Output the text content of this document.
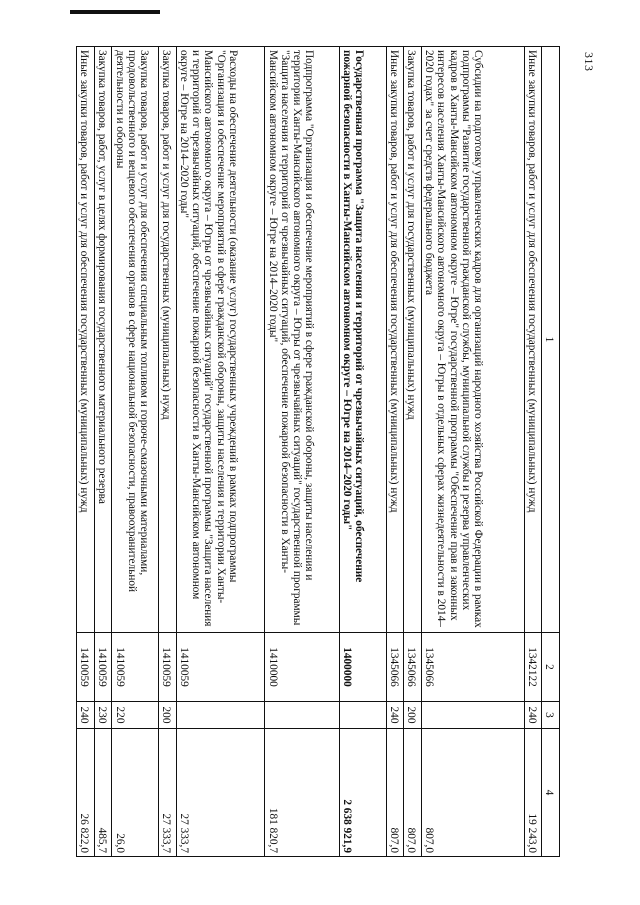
313
1	2	3	4
Иные закупки товаров, работ и услуг для обеспечения государственных (муниципальных) нужд	1342122	240	19 243,0
Субсидии на подготовку управленческих кадров для организаций народного хозяйства Российской Федерации в рамках подпрограммы "Развитие государственной гражданской службы, муниципальной службы и резерва управленческих кадров в Ханты-Мансийском автономном округе – Югре" государственной программы "Обеспечение прав и законных интересов населения Ханты-Мансийского автономного округа – Югры в отдельных сферах жизнедеятельности в 2014–2020 годах" за счет средств федерального бюджета	1345066		807,0
Закупка товаров, работ и услуг для государственных (муниципальных) нужд	1345066	200	807,0
Иные закупки товаров, работ и услуг для обеспечения государственных (муниципальных) нужд	1345066	240	807,0
Государственная программа "Защита населения и территорий от чрезвычайных ситуаций, обеспечение пожарной безопасности в Ханты-Мансийском автономном округе – Югре на 2014–2020 годы"	1400000		2 638 921,9
Подпрограмма "Организация и обеспечение мероприятий в сфере гражданской обороны, защиты населения и территории Ханты-Мансийского автономного округа – Югры от чрезвычайных ситуаций" государственной программы "Защита населения и территорий от чрезвычайных ситуаций, обеспечение пожарной безопасности в Ханты-Мансийском автономном округе – Югре на 2014–2020 годы"	1410000		181 820,7
Расходы на обеспечение деятельности (оказание услуг) государственных учреждений в рамках подпрограммы "Организация и обеспечение мероприятий в сфере гражданской обороны, защиты населения и территории Ханты-Мансийского автономного округа – Югры от чрезвычайных ситуаций" государственной программы "Защита населения и территорий от чрезвычайных ситуаций, обеспечение пожарной безопасности в Ханты-Мансийском автономном округе – Югре на 2014–2020 годы"	1410059		27 333,7
Закупка товаров, работ и услуг для государственных (муниципальных) нужд	1410059	200	27 333,7
Закупка товаров, работ и услуг для обеспечения специальным топливом и горюче-смазочными материалами, продовольственного и вещевого обеспечения органов в сфере национальной безопасности, правоохранительной деятельности и обороны	1410059	220	26,0
Закупка товаров, работ, услуг в целях формирования государственного материального резерва	1410059	230	485,7
Иные закупки товаров, работ и услуг для обеспечения государственных (муниципальных) нужд	1410059	240	26 822,0
